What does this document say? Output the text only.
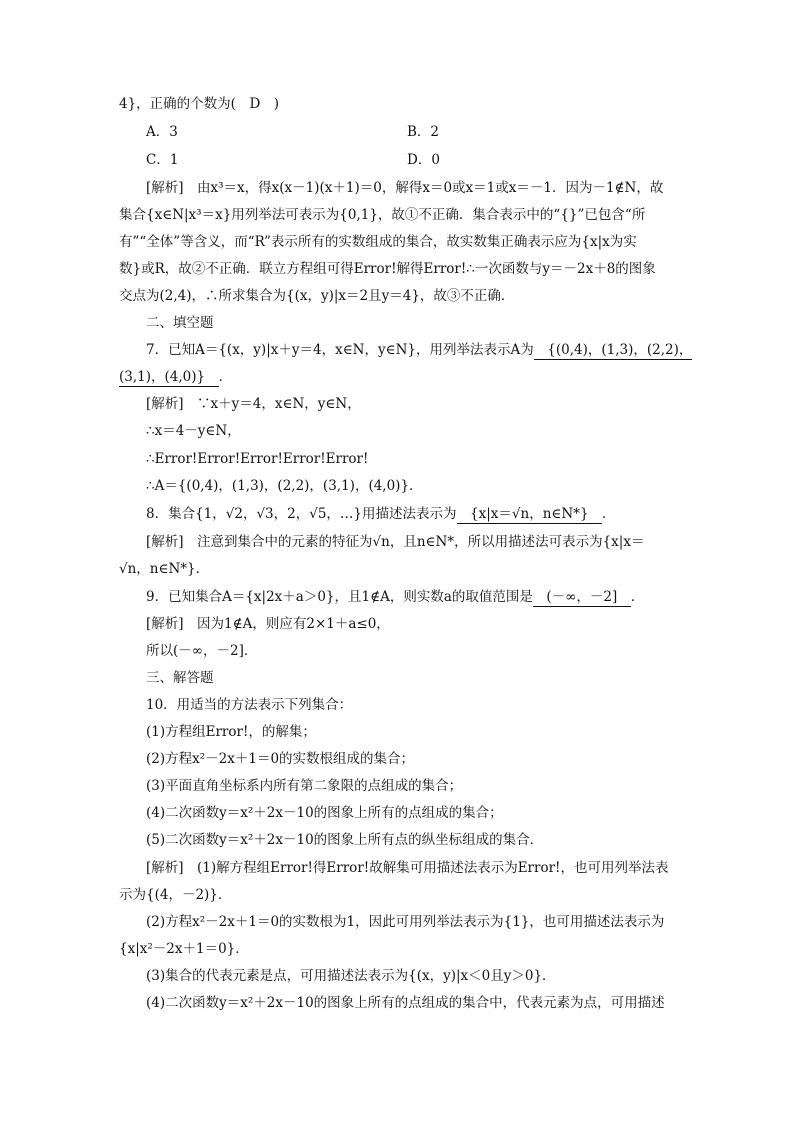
4}，正确的个数为(　D　)
A．3	B．2
C．1	D．0
[解析]　由x³＝x，得x(x－1)(x＋1)＝0，解得x＝0或x＝1或x＝－1．因为－1∉N，故
集合{x∈N|x³＝x}用列举法可表示为{0,1}，故①不正确．集合表示中的“{}”已包含“所
有”“全体”等含义，而“R”表示所有的实数组成的集合，故实数集正确表示应为{x|x为实
数}或R，故②不正确．联立方程组可得Error!解得Error!∴一次函数与y＝－2x＋8的图象
交点为(2,4)，∴所求集合为{(x，y)|x＝2且y＝4}，故③不正确．
二、填空题
7．已知A＝{(x，y)|x＋y＝4，x∈N，y∈N}，用列举法表示A为　{(0,4)，(1,3)，(2,2)，
(3,1)，(4,0)}　．
[解析]　∵x＋y＝4，x∈N，y∈N，
∴x＝4－y∈N，
∴Error!Error!Error!Error!Error!
∴A＝{(0,4)，(1,3)，(2,2)，(3,1)，(4,0)}．
8．集合{1，√2，√3，2，√5，…}用描述法表示为　{x|x＝√n，n∈N*}　．
[解析]　注意到集合中的元素的特征为√n，且n∈N*，所以用描述法可表示为{x|x＝
√n，n∈N*}．
9．已知集合A＝{x|2x＋a＞0}，且1∉A，则实数a的取值范围是　(－∞，－2]　．
[解析]　因为1∉A，则应有2×1＋a≤0，
所以(－∞，－2]．
三、解答题
10．用适当的方法表示下列集合：
(1)方程组Error!，的解集；
(2)方程x²－2x＋1＝0的实数根组成的集合；
(3)平面直角坐标系内所有第二象限的点组成的集合；
(4)二次函数y＝x²＋2x－10的图象上所有的点组成的集合；
(5)二次函数y＝x²＋2x－10的图象上所有点的纵坐标组成的集合．
[解析]　(1)解方程组Error!得Error!故解集可用描述法表示为Error!，也可用列举法表
示为{(4，－2)}．
(2)方程x²－2x＋1＝0的实数根为1，因此可用列举法表示为{1}，也可用描述法表示为
{x|x²－2x＋1＝0}．
(3)集合的代表元素是点，可用描述法表示为{(x，y)|x＜0且y＞0}．
(4)二次函数y＝x²＋2x－10的图象上所有的点组成的集合中，代表元素为点，可用描述
